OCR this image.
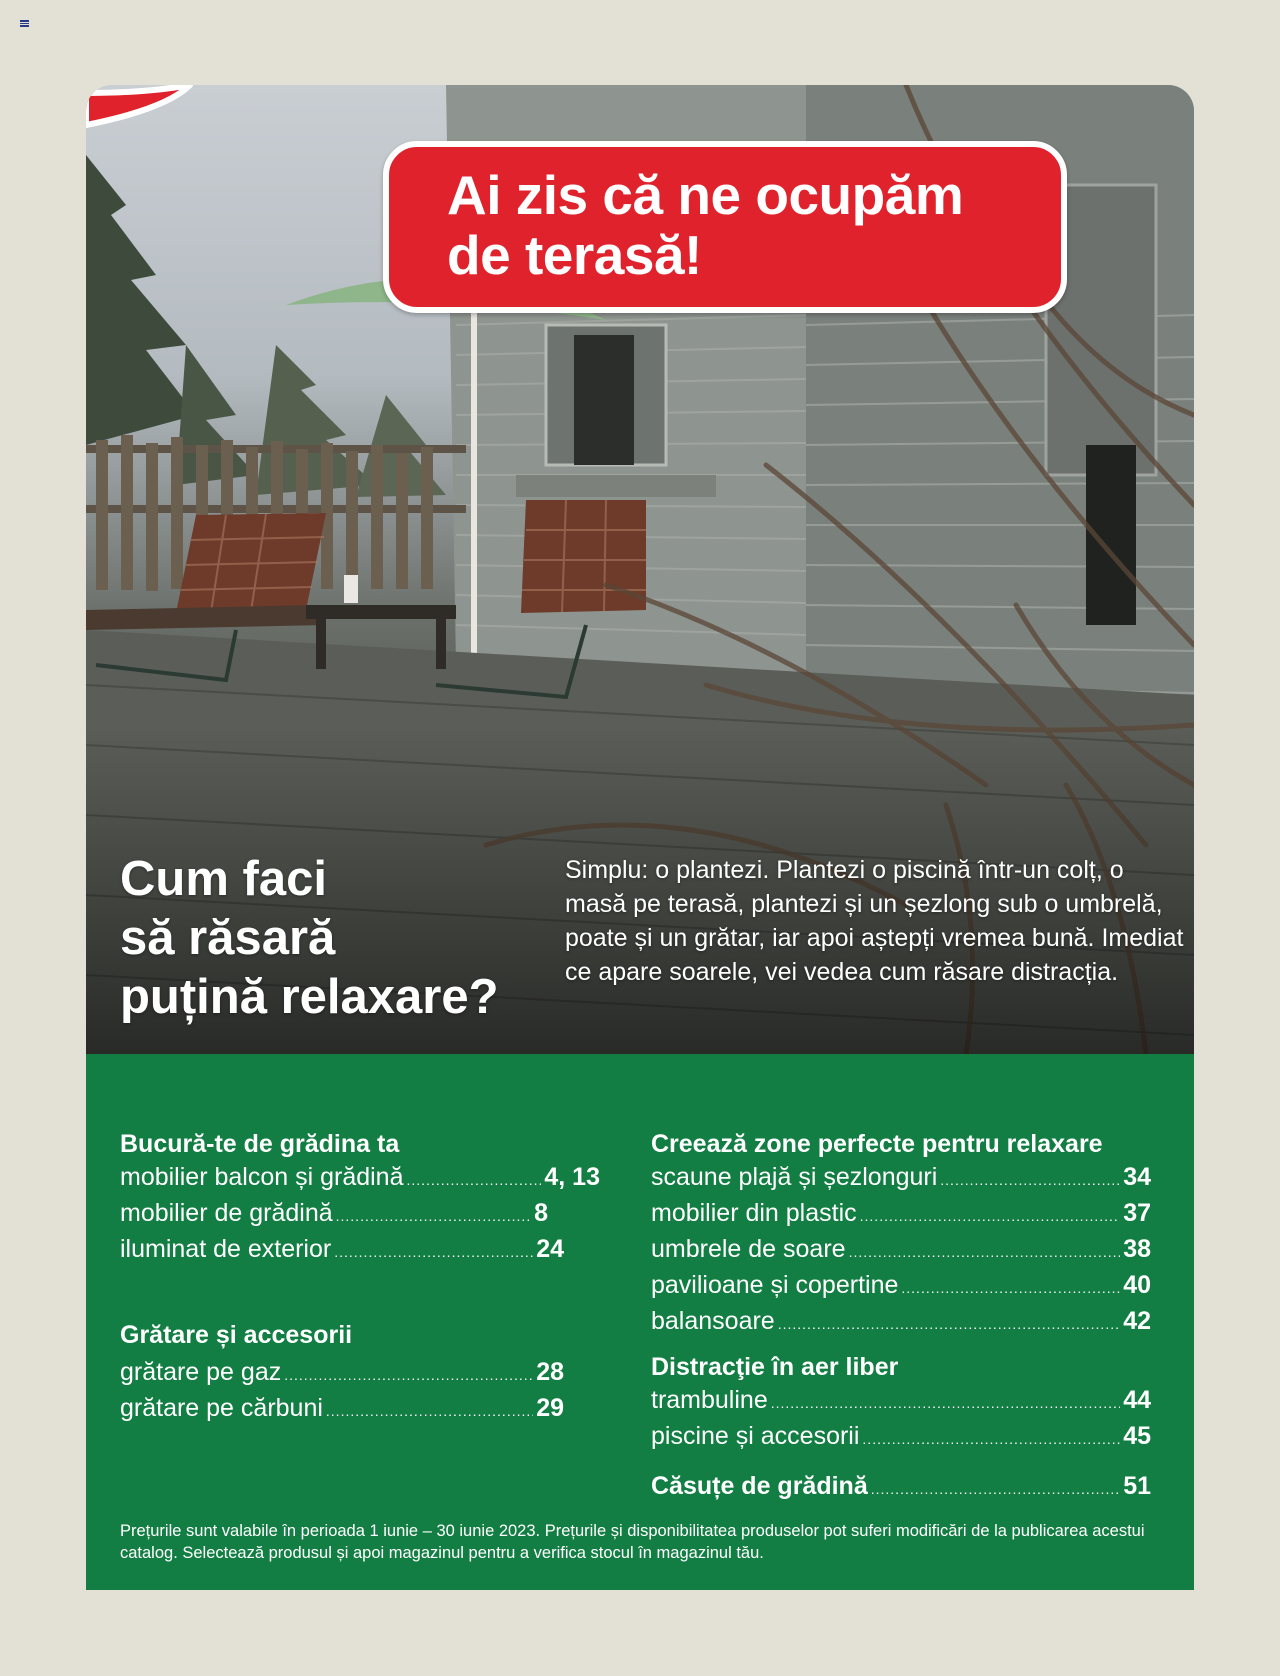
Ai zis că ne ocupăm
de terasă!
Cum faci
să răsară
puțină relaxare?
Simplu: o plantezi. Plantezi o piscină într-un colț, o masă pe terasă, plantezi și un șezlong sub o umbrelă, poate și un grătar, iar apoi aștepți vremea bună. Imediat ce apare soarele, vei vedea cum răsare distracția.
Bucură-te de grădina ta
mobilier balcon și grădină .....	4, 13
mobilier de grădină .....	8
iluminat de exterior .....	24
Grătare și accesorii
grătare pe gaz .....	28
grătare pe cărbuni .....	29
Creează zone perfecte pentru relaxare
scaune plajă și șezlonguri .....	34
mobilier din plastic .....	37
umbrele de soare .....	38
pavilioane și copertine .....	40
balansoare .....	42
Distracţie în aer liber
trambuline .....	44
piscine și accesorii .....	45
Căsuțe de grădină .....	51
Prețurile sunt valabile în perioada 1 iunie – 30 iunie 2023. Prețurile și disponibilitatea produselor pot suferi modificări de la publicarea acestui catalog. Selectează produsul și apoi magazinul pentru a verifica stocul în magazinul tău.
